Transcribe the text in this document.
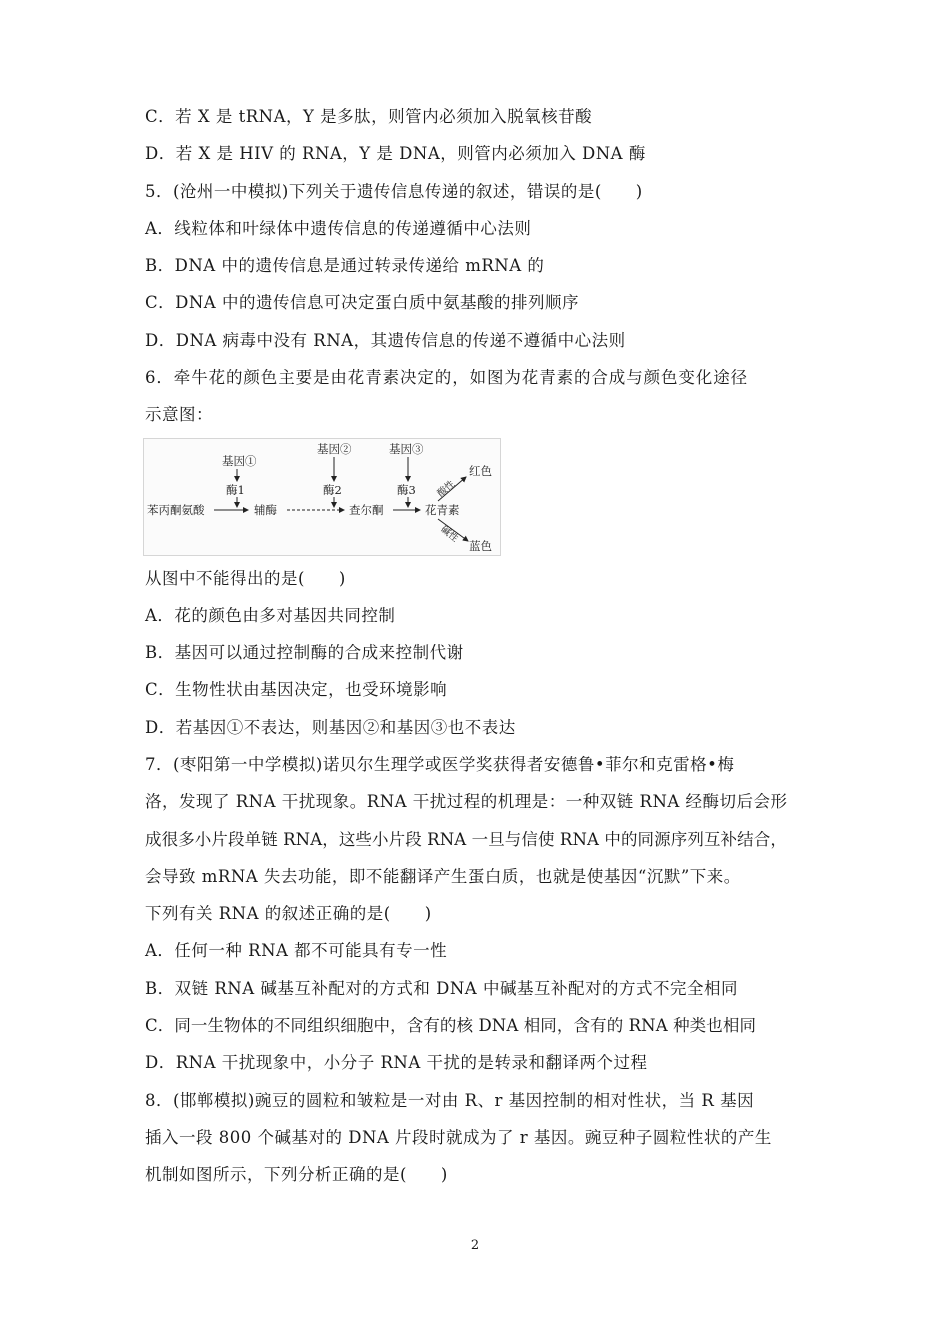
C．若 X 是 tRNA，Y 是多肽，则管内必须加入脱氧核苷酸
D．若 X 是 HIV 的 RNA，Y 是 DNA，则管内必须加入 DNA 酶
5．(沧州一中模拟)下列关于遗传信息传递的叙述，错误的是(　　)
A．线粒体和叶绿体中遗传信息的传递遵循中心法则
B．DNA 中的遗传信息是通过转录传递给 mRNA 的
C．DNA 中的遗传信息可决定蛋白质中氨基酸的排列顺序
D．DNA 病毒中没有 RNA，其遗传信息的传递不遵循中心法则
6．牵牛花的颜色主要是由花青素决定的，如图为花青素的合成与颜色变化途径
示意图：
基因①
基因②	基因③
酶1	酶2	酶3
苯丙酮氨酸	辅酶	查尔酮	花青素
酸性
红色
碱性
蓝色
从图中不能得出的是(　　)
A．花的颜色由多对基因共同控制
B．基因可以通过控制酶的合成来控制代谢
C．生物性状由基因决定，也受环境影响
D．若基因①不表达，则基因②和基因③也不表达
7．(枣阳第一中学模拟)诺贝尔生理学或医学奖获得者安德鲁•菲尔和克雷格•梅
洛，发现了 RNA 干扰现象。RNA 干扰过程的机理是：一种双链 RNA 经酶切后会形
成很多小片段单链 RNA，这些小片段 RNA 一旦与信使 RNA 中的同源序列互补结合，
会导致 mRNA 失去功能，即不能翻译产生蛋白质，也就是使基因“沉默”下来。
下列有关 RNA 的叙述正确的是(　　)
A．任何一种 RNA 都不可能具有专一性
B．双链 RNA 碱基互补配对的方式和 DNA 中碱基互补配对的方式不完全相同
C．同一生物体的不同组织细胞中，含有的核 DNA 相同，含有的 RNA 种类也相同
D．RNA 干扰现象中，小分子 RNA 干扰的是转录和翻译两个过程
8．(邯郸模拟)豌豆的圆粒和皱粒是一对由 R、r 基因控制的相对性状，当 R 基因
插入一段 800 个碱基对的 DNA 片段时就成为了 r 基因。豌豆种子圆粒性状的产生
机制如图所示，下列分析正确的是(　　)
2
